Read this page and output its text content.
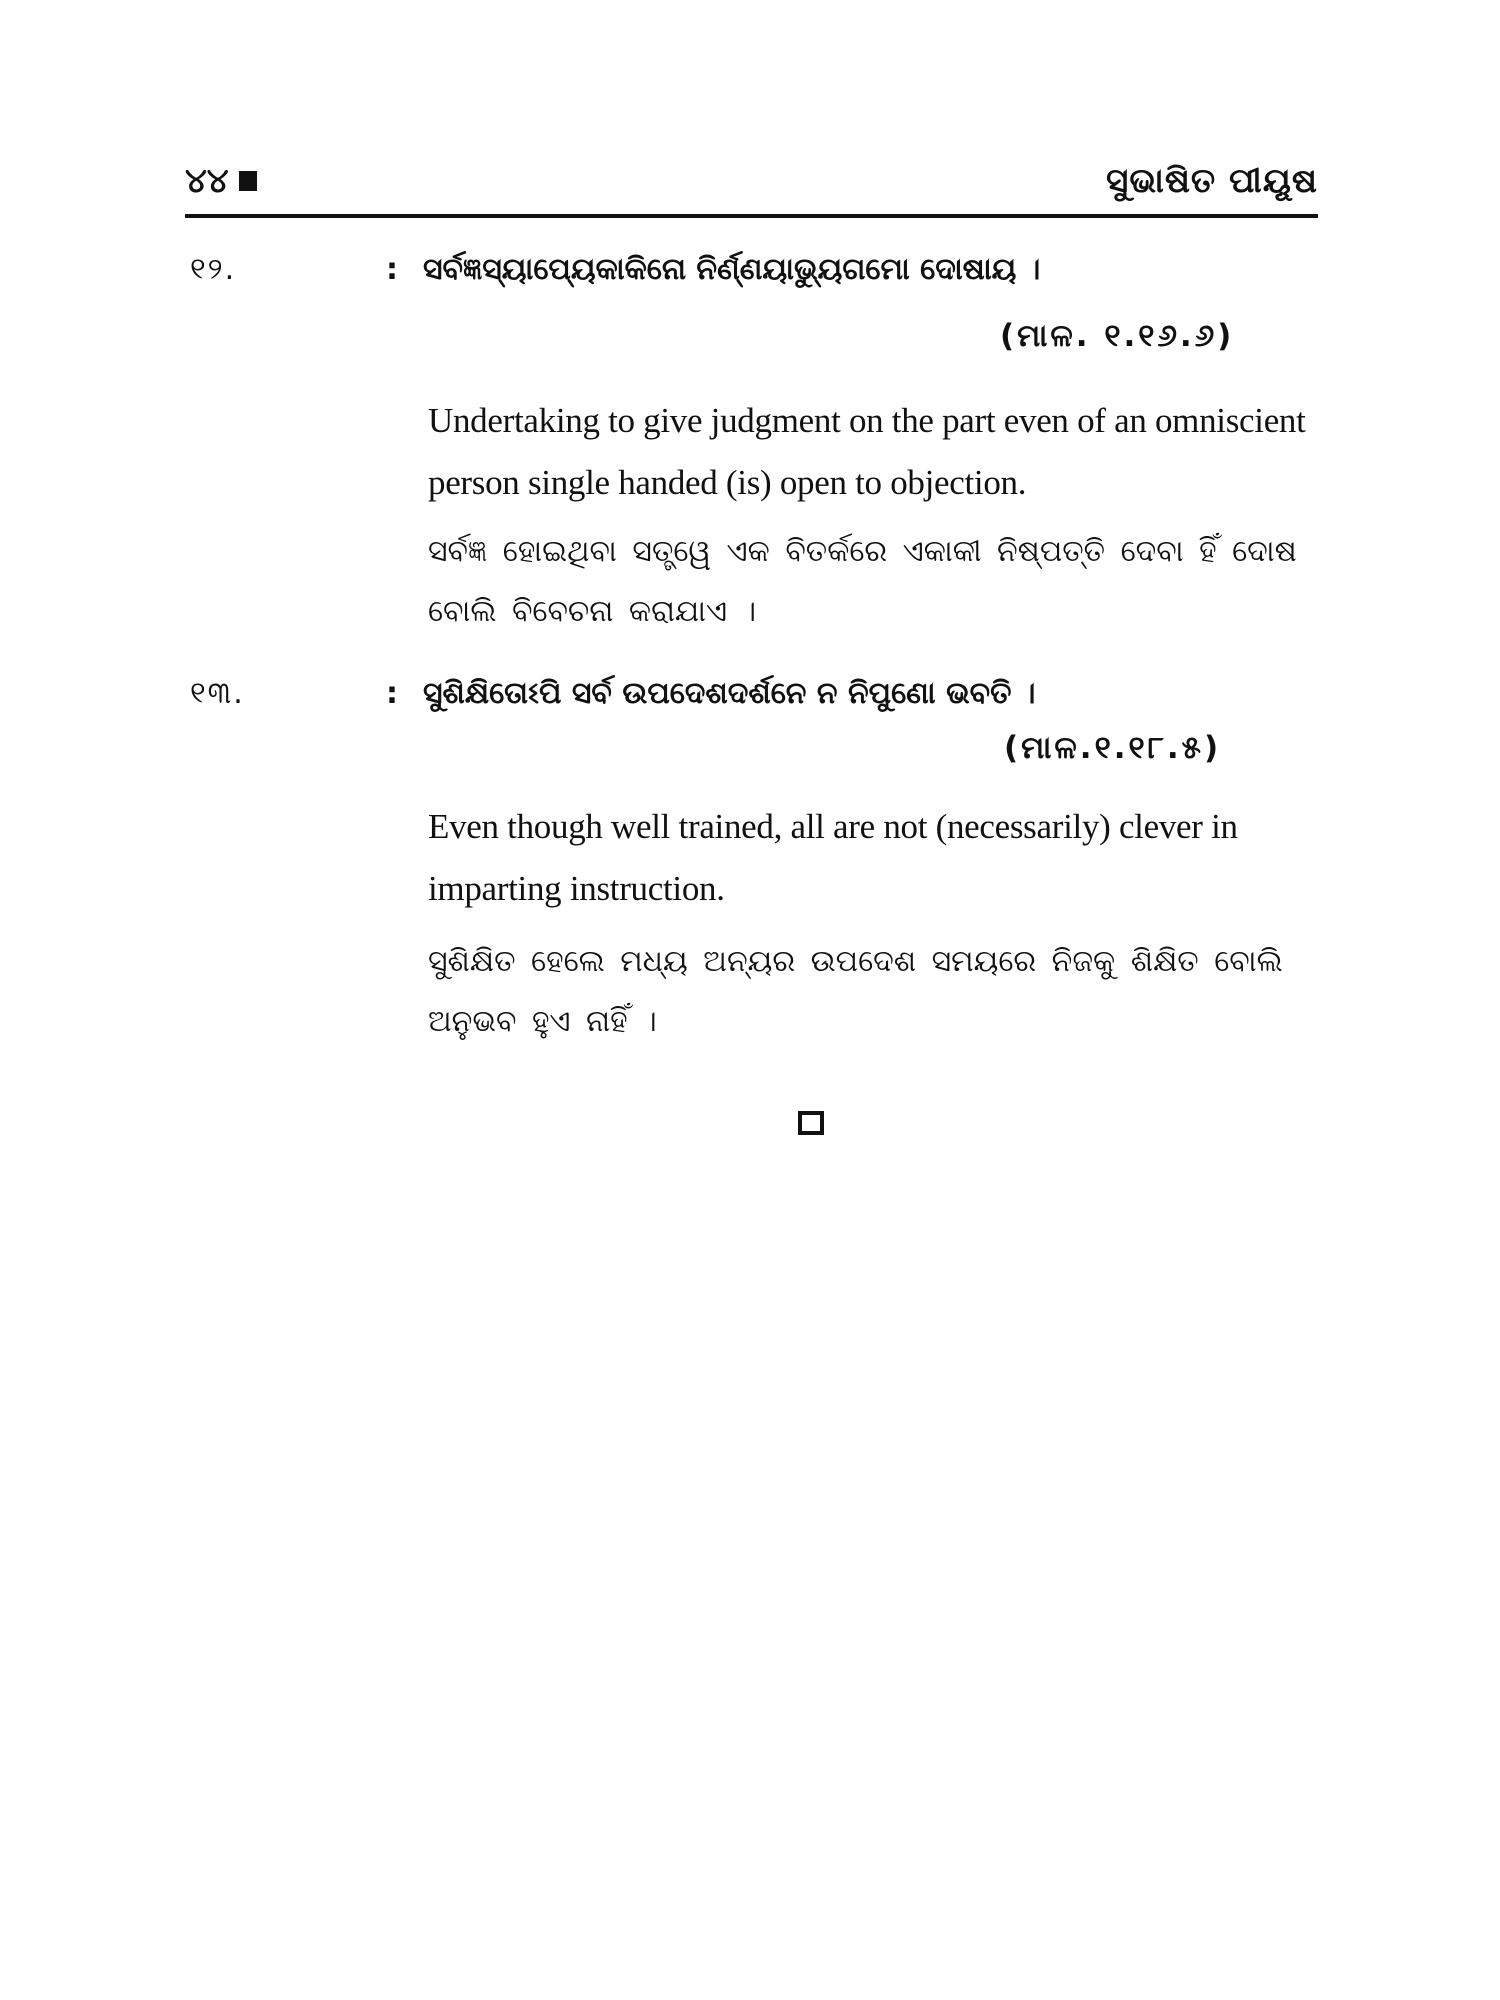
୪୪	ସୁଭାଷିତ ପୀୟୂଷ
୧୨.	: ସର୍ବଜ୍ଞସ୍ୟାପ୍ୟେକାକିନୋ ନିର୍ଣ୍ଣୟାଭ୍ୟୁଗମୋ ଦୋଷାୟ ।
(ମାଳ. ୧.୧୬.୬)
Undertaking to give judgment on the part even of an omniscient person single handed (is) open to objection.
ସର୍ବଜ୍ଞ ହୋଇଥିବା ସତ୍ତ୍ୱେ ଏକ ବିତର୍କରେ ଏକାକୀ ନିଷ୍ପତ୍ତି ଦେବା ହିଁ ଦୋଷ ବୋଲି ବିବେଚନା କରାଯାଏ ।
୧୩.	: ସୁଶିକ୍ଷିତୋଽପି ସର୍ବ ଉପଦେଶଦର୍ଶନେ ନ ନିପୁଣୋ ଭବତି ।
(ମାଳ.୧.୧୮.୫)
Even though well trained, all are not (necessarily) clever in imparting instruction.
ସୁଶିକ୍ଷିତ ହେଲେ ମଧ୍ୟ ଅନ୍ୟର ଉପଦେଶ ସମୟରେ ନିଜକୁ ଶିକ୍ଷିତ ବୋଲି ଅନୁଭବ ହୁଏ ନାହିଁ ।
